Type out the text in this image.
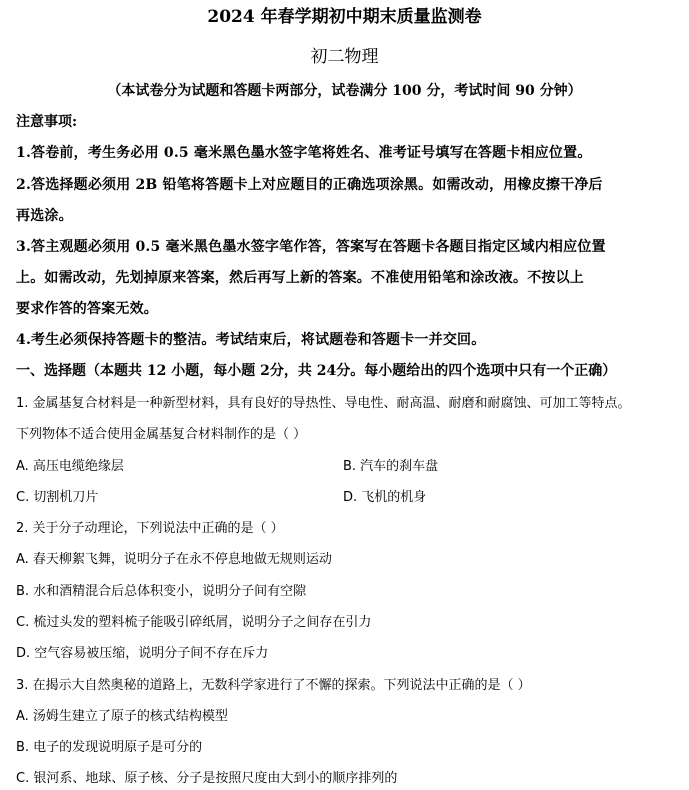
2024 年春学期初中期末质量监测卷
初二物理
（本试卷分为试题和答题卡两部分，试卷满分 100 分，考试时间 90 分钟）
注意事项:
1.答卷前，考生务必用 0.5 毫米黑色墨水签字笔将姓名、准考证号填写在答题卡相应位置。
2.答选择题必须用 2B 铅笔将答题卡上对应题目的正确选项涂黑。如需改动，用橡皮擦干净后
再选涂。
3.答主观题必须用 0.5 毫米黑色墨水签字笔作答，答案写在答题卡各题目指定区域内相应位置
上。如需改动，先划掉原来答案，然后再写上新的答案。不准使用铅笔和涂改液。不按以上
要求作答的答案无效。
4.考生必须保持答题卡的整洁。考试结束后，将试题卷和答题卡一并交回。
一、选择题（本题共 12 小题，每小题 2分，共 24分。每小题给出的四个选项中只有一个正确）
1. 金属基复合材料是一种新型材料，具有良好的导热性、导电性、耐高温、耐磨和耐腐蚀、可加工等特点。
下列物体不适合使用金属基复合材料制作的是（ ）
A. 高压电缆绝缘层	B. 汽车的刹车盘
C. 切割机刀片	D. 飞机的机身
2. 关于分子动理论，下列说法中正确的是（ ）
A. 春天柳絮飞舞，说明分子在永不停息地做无规则运动
B. 水和酒精混合后总体积变小，说明分子间有空隙
C. 梳过头发的塑料梳子能吸引碎纸屑，说明分子之间存在引力
D. 空气容易被压缩，说明分子间不存在斥力
3. 在揭示大自然奥秘的道路上，无数科学家进行了不懈的探索。下列说法中正确的是（ ）
A. 汤姆生建立了原子的核式结构模型
B. 电子的发现说明原子是可分的
C. 银河系、地球、原子核、分子是按照尺度由大到小的顺序排列的
